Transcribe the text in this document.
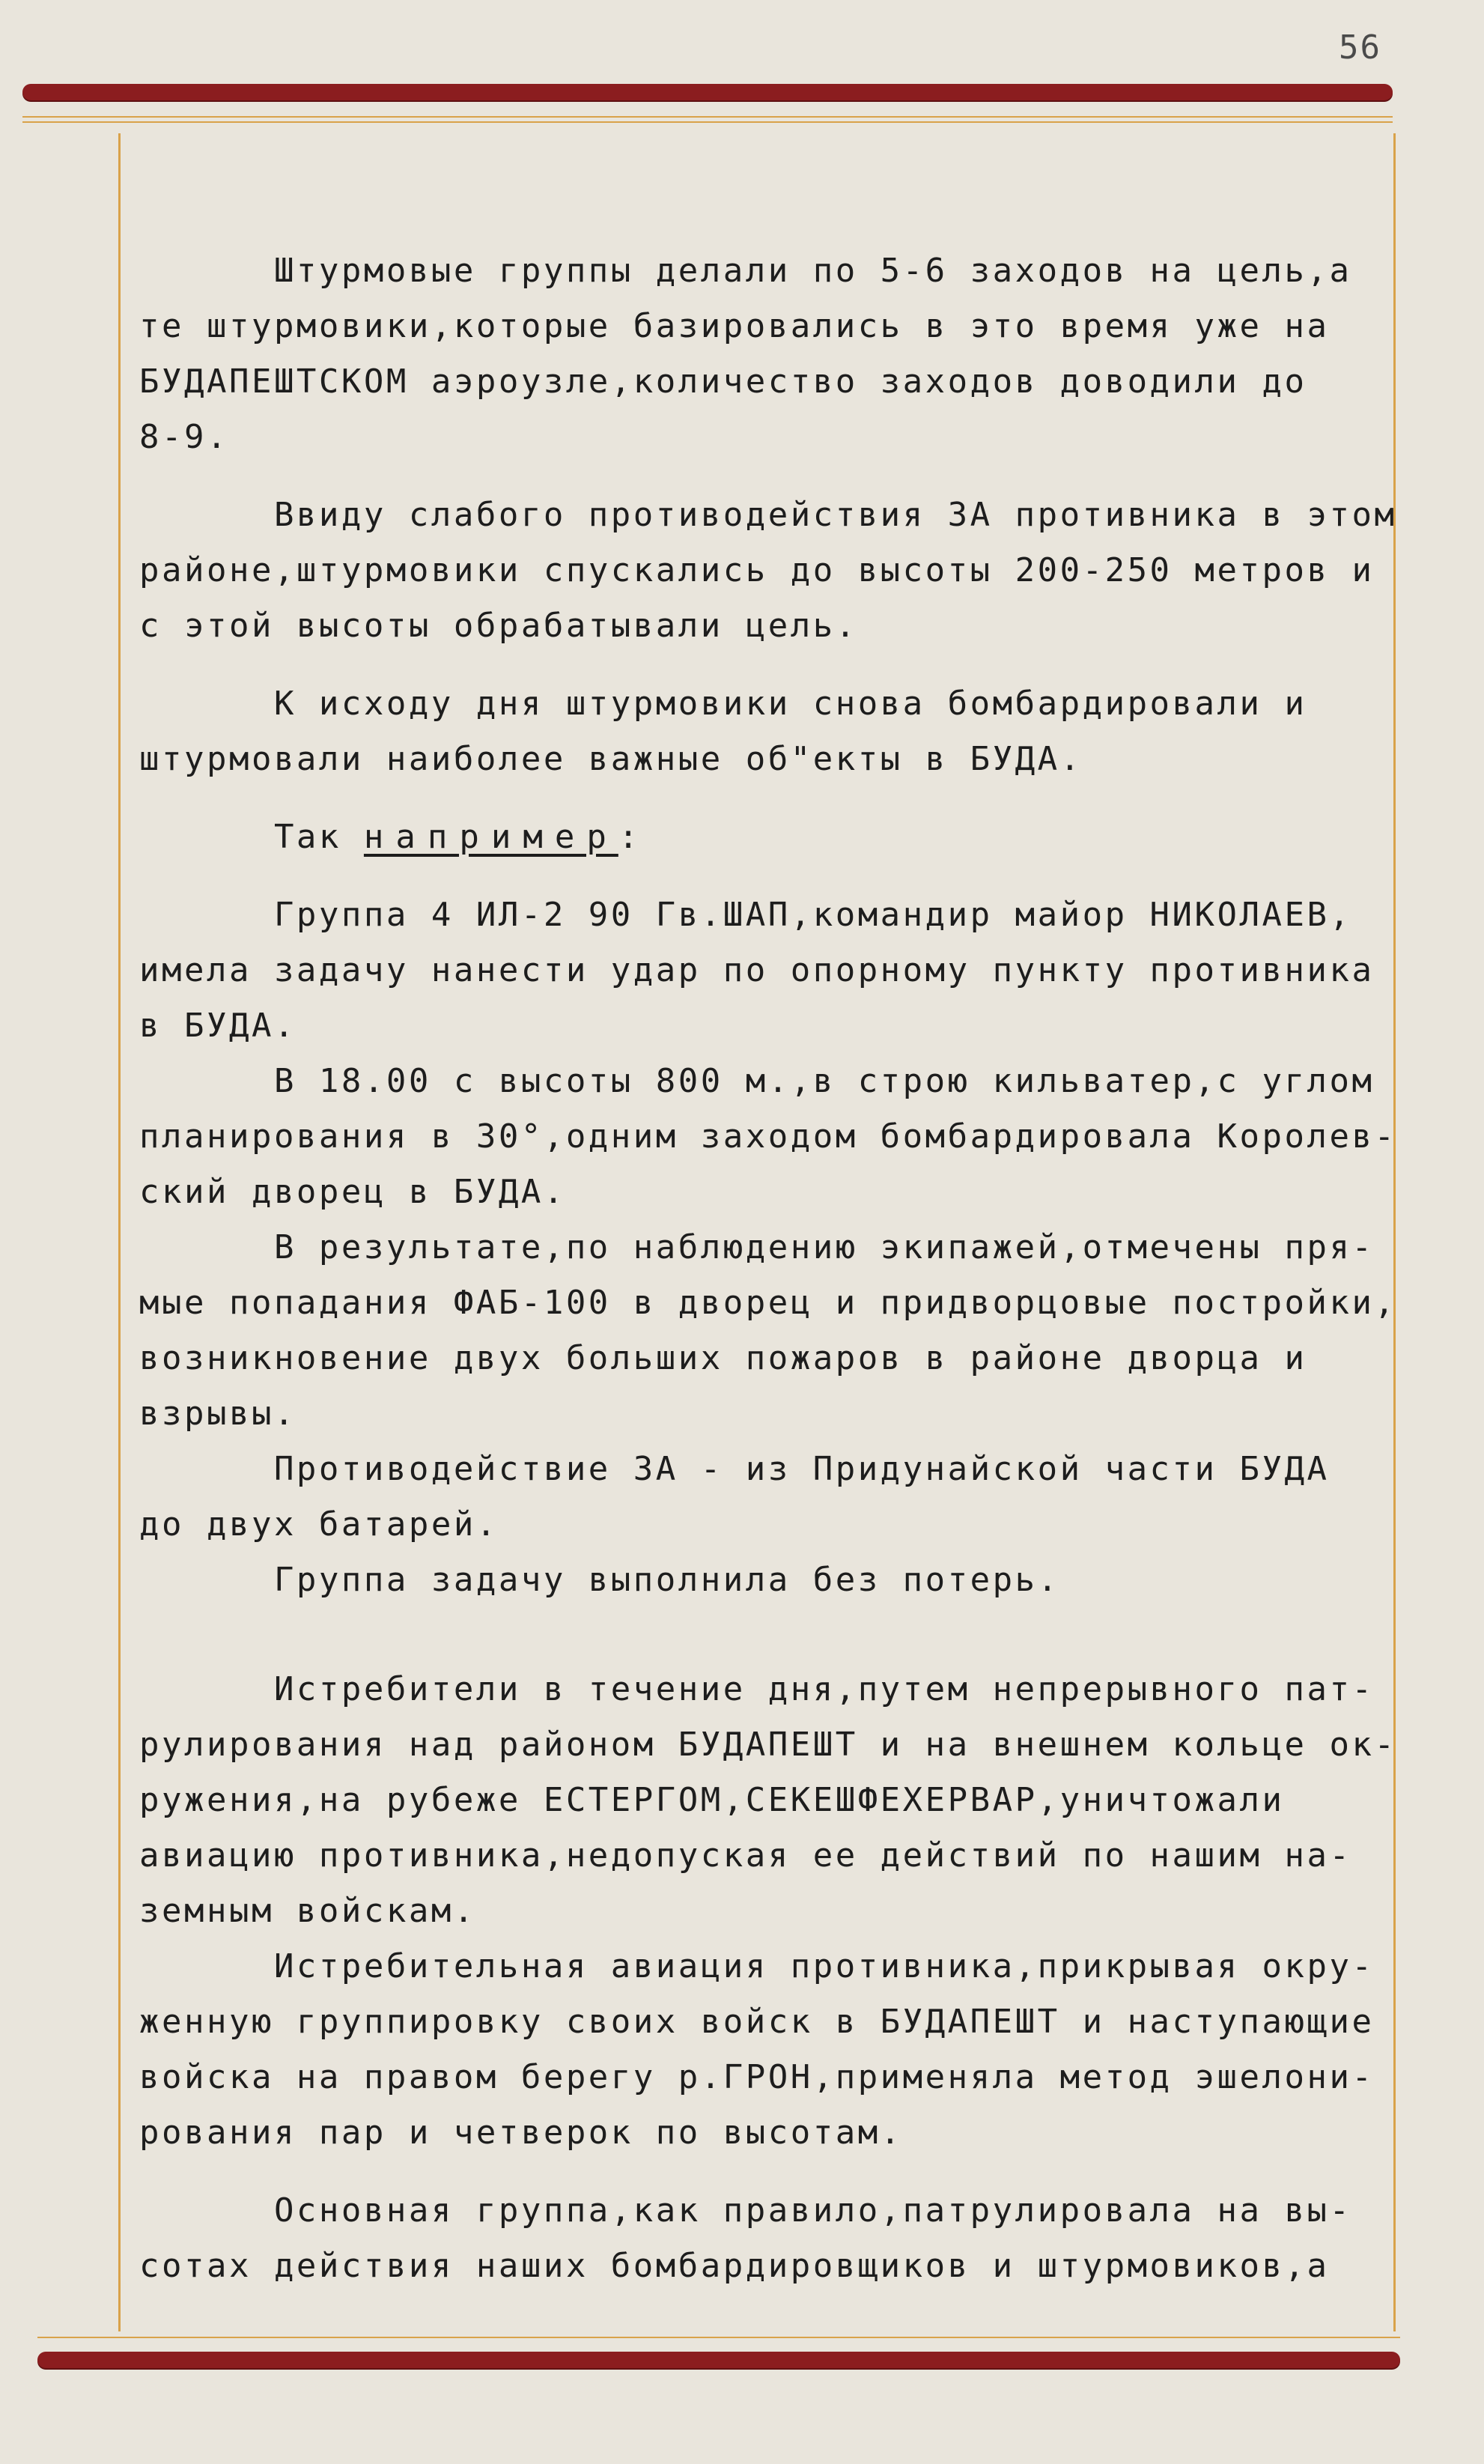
56
Штурмовые группы делали по 5-6 заходов на цель,а
те штурмовики,которые базировались в это время уже на
БУДАПЕШТСКОМ аэроузле,количество заходов доводили до
8-9.
Ввиду слабого противодействия ЗА противника в этом
районе,штурмовики спускались до высоты 200-250 метров и
с этой высоты обрабатывали цель.
К исходу дня штурмовики снова бомбардировали и
штурмовали наиболее важные об"екты в БУДА.
Так например:
Группа 4 ИЛ-2 90 Гв.ШАП,командир майор НИКОЛАЕВ,
имела задачу нанести удар по опорному пункту противника
в БУДА.
В 18.00 с высоты 800 м.,в строю кильватер,с углом
планирования в 30°,одним заходом бомбардировала Королев-
ский дворец в БУДА.
В результате,по наблюдению экипажей,отмечены пря-
мые попадания ФАБ-100 в дворец и придворцовые постройки,
возникновение двух больших пожаров в районе дворца и
взрывы.
Противодействие ЗА - из Придунайской части БУДА
до двух батарей.
Группа задачу выполнила без потерь.
Истребители в течение дня,путем непрерывного пат-
рулирования над районом БУДАПЕШТ и на внешнем кольце ок-
ружения,на рубеже ЕСТЕРГОМ,СЕКЕШФЕХЕРВАР,уничтожали
авиацию противника,недопуская ее действий по нашим на-
земным войскам.
Истребительная авиация противника,прикрывая окру-
женную группировку своих войск в БУДАПЕШТ и наступающие
войска на правом берегу р.ГРОН,применяла метод эшелони-
рования пар и четверок по высотам.
Основная группа,как правило,патрулировала на вы-
сотах действия наших бомбардировщиков и штурмовиков,а
